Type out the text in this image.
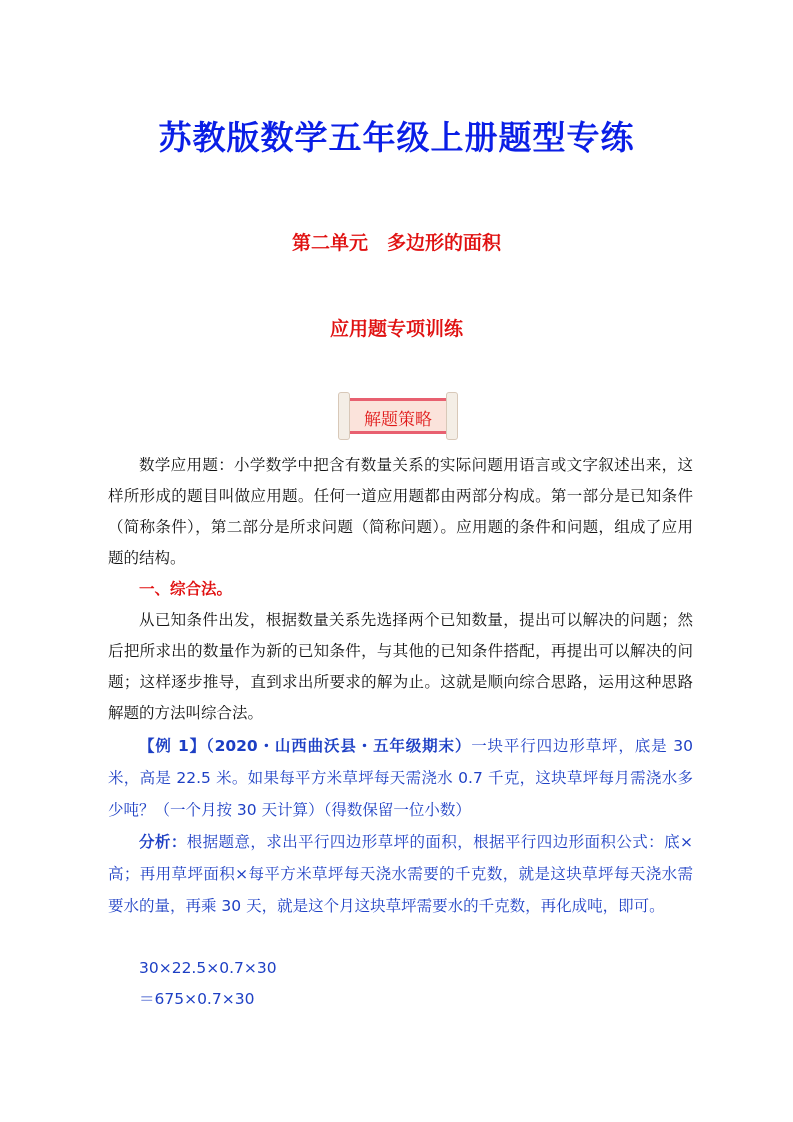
苏教版数学五年级上册题型专练
第二单元　多边形的面积
应用题专项训练
解题策略
数学应用题：小学数学中把含有数量关系的实际问题用语言或文字叙述出来，这样所形成的题目叫做应用题。任何一道应用题都由两部分构成。第一部分是已知条件（简称条件），第二部分是所求问题（简称问题）。应用题的条件和问题，组成了应用题的结构。
一、综合法。
从已知条件出发，根据数量关系先选择两个已知数量，提出可以解决的问题；然后把所求出的数量作为新的已知条件，与其他的已知条件搭配，再提出可以解决的问题；这样逐步推导，直到求出所要求的解为止。这就是顺向综合思路，运用这种思路解题的方法叫综合法。
【例 1】（2020・山西曲沃县・五年级期末）一块平行四边形草坪，底是 30 米，高是 22.5 米。如果每平方米草坪每天需浇水 0.7 千克，这块草坪每月需浇水多少吨？（一个月按 30 天计算）（得数保留一位小数）
分析：根据题意，求出平行四边形草坪的面积，根据平行四边形面积公式：底×高；再用草坪面积×每平方米草坪每天浇水需要的千克数，就是这块草坪每天浇水需要水的量，再乘 30 天，就是这个月这块草坪需要水的千克数，再化成吨，即可。
30×22.5×0.7×30
＝675×0.7×30
